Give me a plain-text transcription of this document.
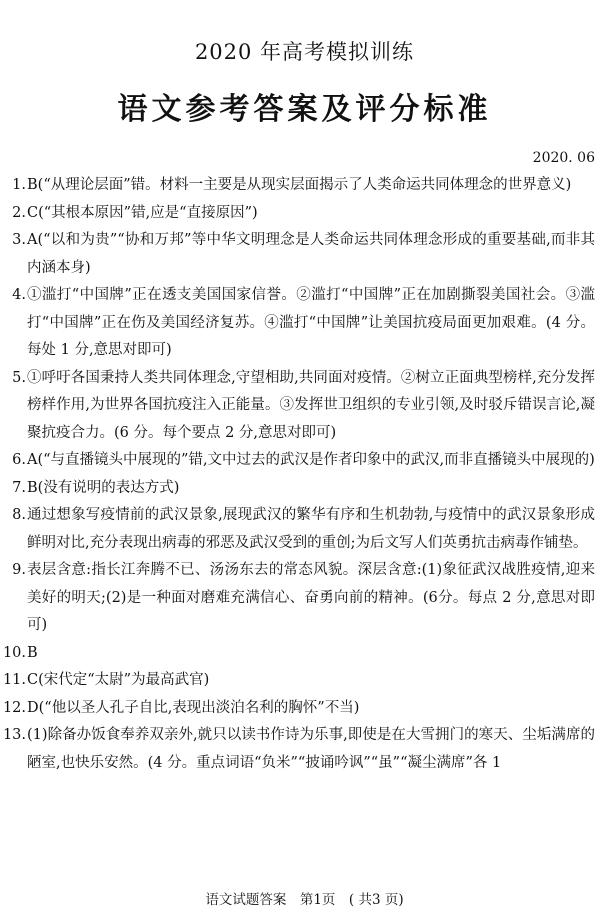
2020 年高考模拟训练
语文参考答案及评分标准
2020. 06
1. B(“从理论层面”错。材料一主要是从现实层面揭示了人类命运共同体理念的世界意义)
2. C(“其根本原因”错,应是“直接原因”)
3. A(“以和为贵”“协和万邦”等中华文明理念是人类命运共同体理念形成的重要基础,而非其内涵本身)
4. ①滥打“中国牌”正在透支美国国家信誉。②滥打“中国牌”正在加剧撕裂美国社会。③滥打“中国牌”正在伤及美国经济复苏。④滥打“中国牌”让美国抗疫局面更加艰难。(4 分。每处 1 分,意思对即可)
5. ①呼吁各国秉持人类共同体理念,守望相助,共同面对疫情。②树立正面典型榜样,充分发挥榜样作用,为世界各国抗疫注入正能量。③发挥世卫组织的专业引领,及时驳斥错误言论,凝聚抗疫合力。(6 分。每个要点 2 分,意思对即可)
6. A(“与直播镜头中展现的”错,文中过去的武汉是作者印象中的武汉,而非直播镜头中展现的)
7. B(没有说明的表达方式)
8. 通过想象写疫情前的武汉景象,展现武汉的繁华有序和生机勃勃,与疫情中的武汉景象形成鲜明对比,充分表现出病毒的邪恶及武汉受到的重创;为后文写人们英勇抗击病毒作铺垫。
9. 表层含意:指长江奔腾不已、汤汤东去的常态风貌。深层含意:(1)象征武汉战胜疫情,迎来美好的明天;(2)是一种面对磨难充满信心、奋勇向前的精神。(6分。每点 2 分,意思对即可)
10. B
11. C(宋代定“太尉”为最高武官)
12. D(“他以圣人孔子自比,表现出淡泊名利的胸怀”不当)
13. (1)除备办饭食奉养双亲外,就只以读书作诗为乐事,即使是在大雪拥门的寒天、尘垢满席的陋室,也快乐安然。(4 分。重点词语“负米”“披诵吟讽”“虽”“凝尘满席”各 1
语文试题答案　第1页　( 共3 页)
